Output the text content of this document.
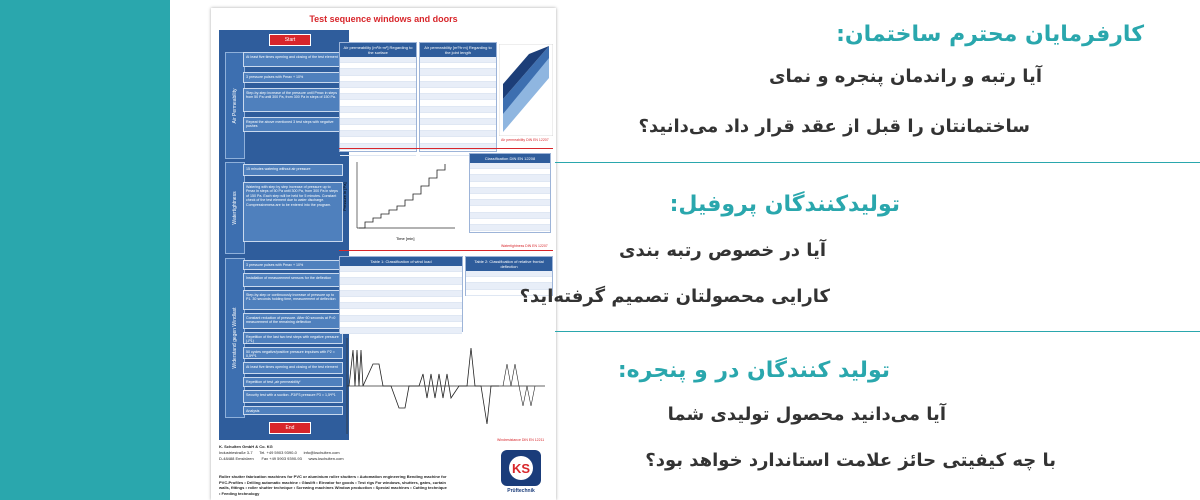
Test sequence windows and doors
Start
Air Permeability
Watertightness
Widerstand gegen Windlast
At least five times opening and closing of the test element
3 pressure pulses with Pmax + 10%
Step-by-step increase of the pressure until Pmax in steps from 50 Pa until 300 Pa, from 300 Pa in steps of 150 Pa.
Repeat the above mentioned 3 test steps with negative pushes
15 minutes watering without air pressure
Watering with step by step increase of pressure up to Pmax in steps of 50 Pa until 300 Pa, from 300 Pa in steps of 150 Pa. Each step will be held for 5 minutes. Constant check of the test element due to water discharge. Compressiveness are to be entered into the program.
3 pressure pulses with Pmax + 10%
Installation of measurement sensors for the deflection
Step-by-step or continuously increase of pressure up to P1. 30 seconds holding time, measurement of deflection
Constant reduction of pressure. After 60 seconds at P=0 measurement of the remaining deflection
Repetition of the last two test steps with negative pressure (-P1)
50 cycles negative/positive pressure impulses with P2 = 0,5*P1
At least five times opening and closing of the test element
Repetition of test „air permeability“
Security test with a suction -P3/P3 pressure P3 = 1,5*P1
Analysis
End
Air permeability [m³/h·m²] Regarding to the surface
Air permeability [m³/h·m] Regarding to the joint length
Air permeability DIN EN 12207
Pressure in [Pa]
Time [min]
Classification DIN EN 12208
Watertightness DIN EN 12207
Table 1: Classification of wind load	Table 2: Classification of relative frontal deflection
Windresistance DIN EN 12211
K. Schulten GmbH & Co. KG
Industriestraße 3-7 Tel. +49 5903 9390-0 info@kschulten.com
D-48488 Emsbüren Fax +49 5903 9390-93 www.kschulten.com
Roller shutter fabrication machines for PVC or aluminium roller shutters • Automation engineering Bending machine for PVC-Profiles • Drilling automatic machine • Glaslift • Elevator for goods • Test rigs For windows, shutters, gates, curtain walls, fittings • roller shutter technique • Screwing machines Window production • Special machines • Cutting technique • Feeding technology
KS
Prüftechnik
کارفرمایان محترم ساختمان:
آیا رتبه و راندمان پنجره و نمای
ساختمانتان را قبل از عقد قرار داد می‌دانید؟
تولیدکنندگان پروفیل:
آیا در خصوص رتبه بندی
کارایی محصولتان تصمیم گرفته‌اید؟
تولید کنندگان در و پنجره:
آیا می‌دانید محصول تولیدی شما
با چه کیفیتی حائز علامت استاندارد خواهد بود؟
